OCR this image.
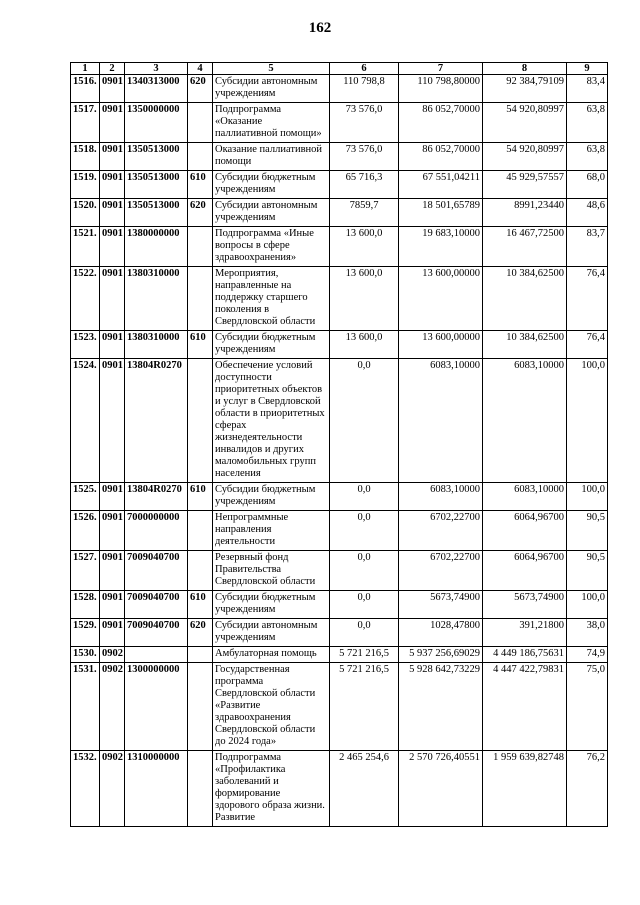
162
1	2	3	4	5	6	7	8	9
1516.	0901	1340313000	620	Субсидии автономным учреждениям	110 798,8	110 798,80000	92 384,79109	83,4
1517.	0901	1350000000		Подпрограмма «Оказание паллиативной помощи»	73 576,0	86 052,70000	54 920,80997	63,8
1518.	0901	1350513000		Оказание паллиативной помощи	73 576,0	86 052,70000	54 920,80997	63,8
1519.	0901	1350513000	610	Субсидии бюджетным учреждениям	65 716,3	67 551,04211	45 929,57557	68,0
1520.	0901	1350513000	620	Субсидии автономным учреждениям	7859,7	18 501,65789	8991,23440	48,6
1521.	0901	1380000000		Подпрограмма «Иные вопросы в сфере здравоохранения»	13 600,0	19 683,10000	16 467,72500	83,7
1522.	0901	1380310000		Мероприятия, направленные на поддержку старшего поколения в Свердловской области	13 600,0	13 600,00000	10 384,62500	76,4
1523.	0901	1380310000	610	Субсидии бюджетным учреждениям	13 600,0	13 600,00000	10 384,62500	76,4
1524.	0901	13804R0270		Обеспечение условий доступности приоритетных объектов и услуг в Свердловской области в приоритетных сферах жизнедеятельности инвалидов и других маломобильных групп населения	0,0	6083,10000	6083,10000	100,0
1525.	0901	13804R0270	610	Субсидии бюджетным учреждениям	0,0	6083,10000	6083,10000	100,0
1526.	0901	7000000000		Непрограммные направления деятельности	0,0	6702,22700	6064,96700	90,5
1527.	0901	7009040700		Резервный фонд Правительства Свердловской области	0,0	6702,22700	6064,96700	90,5
1528.	0901	7009040700	610	Субсидии бюджетным учреждениям	0,0	5673,74900	5673,74900	100,0
1529.	0901	7009040700	620	Субсидии автономным учреждениям	0,0	1028,47800	391,21800	38,0
1530.	0902			Амбулаторная помощь	5 721 216,5	5 937 256,69029	4 449 186,75631	74,9
1531.	0902	1300000000		Государственная программа Свердловской области «Развитие здравоохранения Свердловской области до 2024 года»	5 721 216,5	5 928 642,73229	4 447 422,79831	75,0
1532.	0902	1310000000		Подпрограмма «Профилактика заболеваний и формирование здорового образа жизни. Развитие	2 465 254,6	2 570 726,40551	1 959 639,82748	76,2
